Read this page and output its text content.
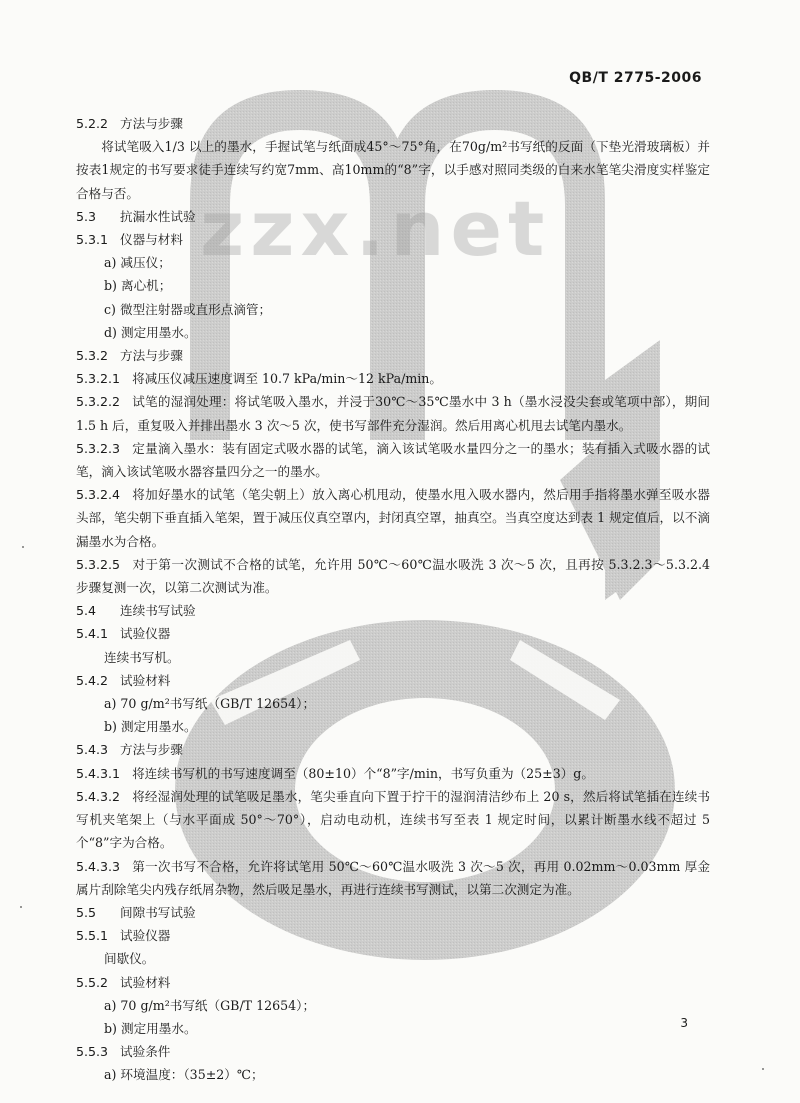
zzx.net
QB/T 2775-2006
5.2.2 方法与步骤
将试笔吸入1/3 以上的墨水，手握试笔与纸面成45°～75°角，在70g/m²书写纸的反面（下垫光滑玻璃板）并按表1规定的书写要求徒手连续写约宽7mm、高10mm的“8”字，以手感对照同类级的白来水笔笔尖滑度实样鉴定合格与否。
5.3 抗漏水性试验
5.3.1 仪器与材料
a) 减压仪；
b) 离心机；
c) 微型注射器或直形点滴管；
d) 测定用墨水。
5.3.2 方法与步骤
5.3.2.1 将减压仪减压速度调至 10.7 kPa/min～12 kPa/min。
5.3.2.2 试笔的湿润处理：将试笔吸入墨水，并浸于30℃～35℃墨水中 3 h（墨水浸没尖套或笔项中部），期间 1.5 h 后，重复吸入并排出墨水 3 次～5 次，使书写部件充分湿润。然后用离心机甩去试笔内墨水。
5.3.2.3 定量滴入墨水：装有固定式吸水器的试笔，滴入该试笔吸水量四分之一的墨水；装有插入式吸水器的试笔，滴入该试笔吸水器容量四分之一的墨水。
5.3.2.4 将加好墨水的试笔（笔尖朝上）放入离心机甩动，使墨水甩入吸水器内，然后用手指将墨水弹至吸水器头部，笔尖朝下垂直插入笔架，置于减压仪真空罩内，封闭真空罩，抽真空。当真空度达到表 1 规定值后，以不滴漏墨水为合格。
5.3.2.5 对于第一次测试不合格的试笔，允许用 50℃～60℃温水吸洗 3 次～5 次，且再按 5.3.2.3～5.3.2.4 步骤复测一次，以第二次测试为准。
5.4 连续书写试验
5.4.1 试验仪器
连续书写机。
5.4.2 试验材料
a) 70 g/m²书写纸（GB/T 12654）；
b) 测定用墨水。
5.4.3 方法与步骤
5.4.3.1 将连续书写机的书写速度调至（80±10）个“8”字/min，书写负重为（25±3）g。
5.4.3.2 将经湿润处理的试笔吸足墨水，笔尖垂直向下置于拧干的湿润清洁纱布上 20 s，然后将试笔插在连续书写机夹笔架上（与水平面成 50°～70°），启动电动机，连续书写至表 1 规定时间，以累计断墨水线不超过 5 个“8”字为合格。
5.4.3.3 第一次书写不合格，允许将试笔用 50℃～60℃温水吸洗 3 次～5 次，再用 0.02mm～0.03mm 厚金属片刮除笔尖内残存纸屑杂物，然后吸足墨水，再进行连续书写测试，以第二次测定为准。
5.5 间隙书写试验
5.5.1 试验仪器
间歇仪。
5.5.2 试验材料
a) 70 g/m²书写纸（GB/T 12654）；
b) 测定用墨水。
5.5.3 试验条件
a) 环境温度：（35±2）℃；
3
